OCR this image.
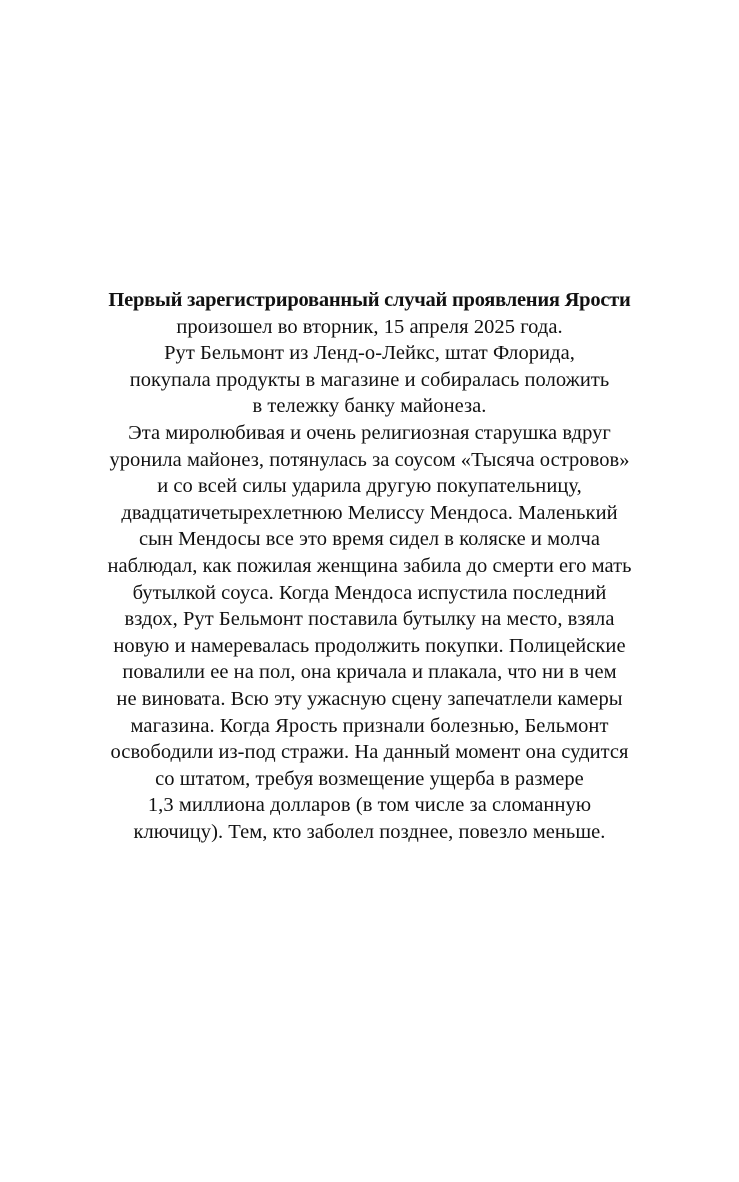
Первый зарегистрированный случай проявления Ярости
произошел во вторник, 15 апреля 2025 года.
Рут Бельмонт из Ленд-о-Лейкс, штат Флорида,
покупала продукты в магазине и собиралась положить
в тележку банку майонеза.
Эта миролюбивая и очень религиозная старушка вдруг
уронила майонез, потянулась за соусом «Тысяча островов»
и со всей силы ударила другую покупательницу,
двадцатичетырехлетнюю Мелиссу Мендоса. Маленький
сын Мендосы все это время сидел в коляске и молча
наблюдал, как пожилая женщина забила до смерти его мать
бутылкой соуса. Когда Мендоса испустила последний
вздох, Рут Бельмонт поставила бутылку на место, взяла
новую и намеревалась продолжить покупки. Полицейские
повалили ее на пол, она кричала и плакала, что ни в чем
не виновата. Всю эту ужасную сцену запечатлели камеры
магазина. Когда Ярость признали болезнью, Бельмонт
освободили из-под стражи. На данный момент она судится
со штатом, требуя возмещение ущерба в размере
1,3 миллиона долларов (в том числе за сломанную
ключицу). Тем, кто заболел позднее, повезло меньше.
